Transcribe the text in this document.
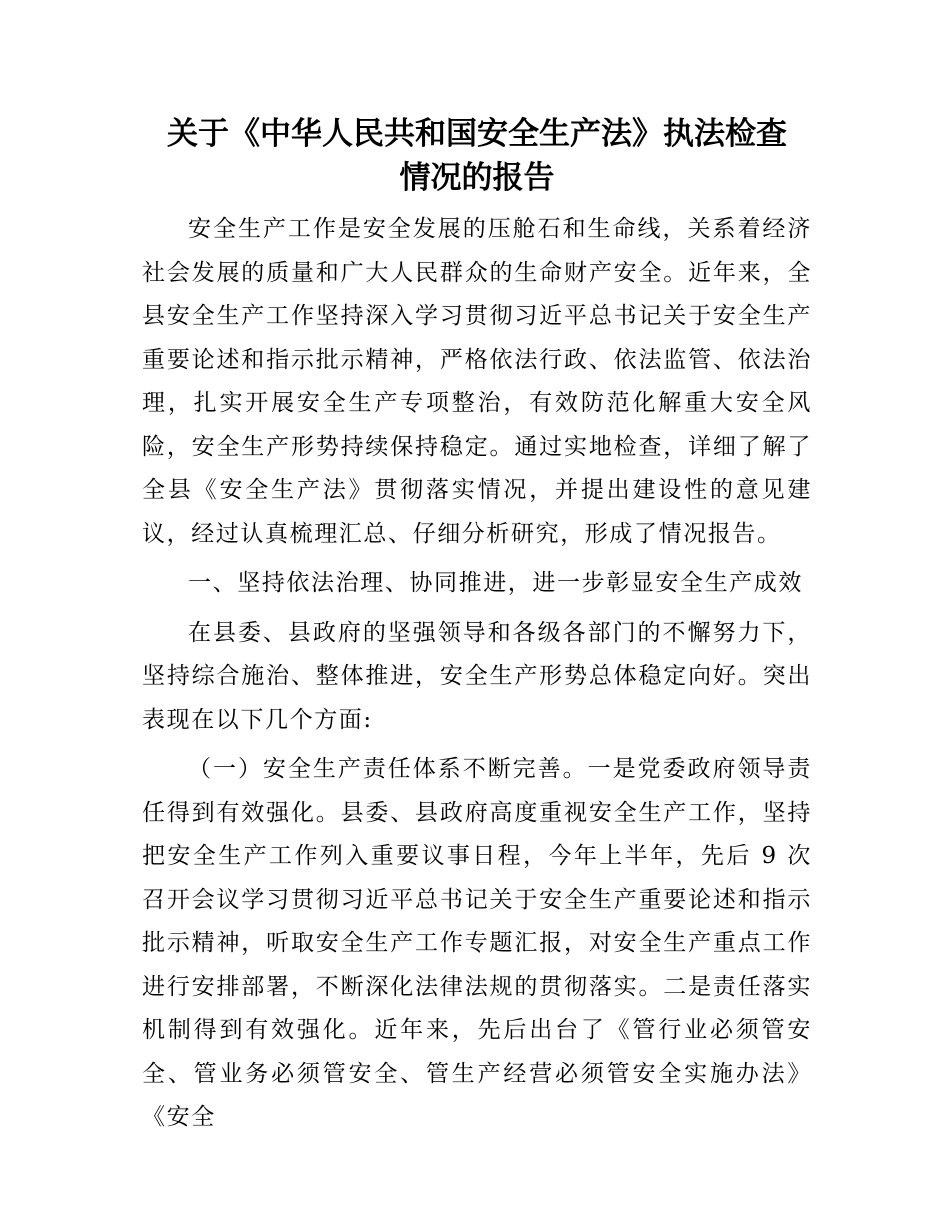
关于《中华人民共和国安全生产法》执法检查
情况的报告

安全生产工作是安全发展的压舱石和生命线，关系着经济社会发展的质量和广大人民群众的生命财产安全。近年来，全县安全生产工作坚持深入学习贯彻习近平总书记关于安全生产重要论述和指示批示精神，严格依法行政、依法监管、依法治理，扎实开展安全生产专项整治，有效防范化解重大安全风险，安全生产形势持续保持稳定。通过实地检查，详细了解了全县《安全生产法》贯彻落实情况，并提出建设性的意见建议，经过认真梳理汇总、仔细分析研究，形成了情况报告。

一、坚持依法治理、协同推进，进一步彰显安全生产成效

在县委、县政府的坚强领导和各级各部门的不懈努力下，坚持综合施治、整体推进，安全生产形势总体稳定向好。突出表现在以下几个方面:

（一）安全生产责任体系不断完善。一是党委政府领导责任得到有效强化。县委、县政府高度重视安全生产工作，坚持把安全生产工作列入重要议事日程，今年上半年，先后 9 次召开会议学习贯彻习近平总书记关于安全生产重要论述和指示批示精神，听取安全生产工作专题汇报，对安全生产重点工作进行安排部署，不断深化法律法规的贯彻落实。二是责任落实机制得到有效强化。近年来，先后出台了《管行业必须管安全、管业务必须管安全、管生产经营必须管安全实施办法》《安全
